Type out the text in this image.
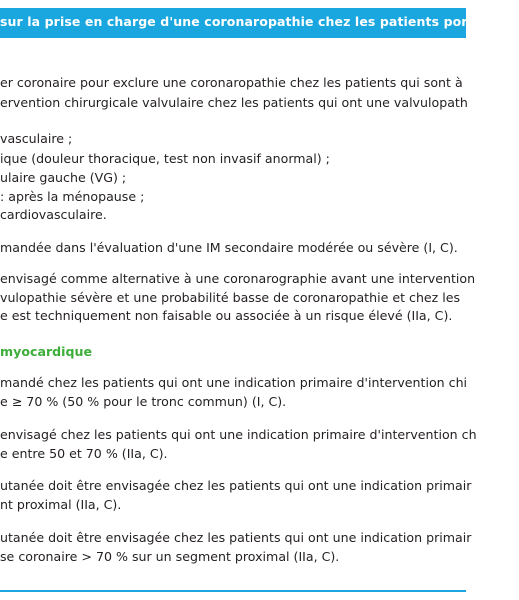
sur la prise en charge d'une coronaropathie chez les patients porteurs d
er coronaire pour exclure une coronaropathie chez les patients qui sont à
ervention chirurgicale valvulaire chez les patients qui ont une valvulopath
vasculaire ;
ique (douleur thoracique, test non invasif anormal) ;
ulaire gauche (VG) ;
: après la ménopause ;
cardiovasculaire.
mandée dans l'évaluation d'une IM secondaire modérée ou sévère (I, C).
envisagé comme alternative à une coronarographie avant une intervention
vulopathie sévère et une probabilité basse de coronaropathie et chez les
e est techniquement non faisable ou associée à un risque élevé (IIa, C).
myocardique
mandé chez les patients qui ont une indication primaire d'intervention chi
e ≥ 70 % (50 % pour le tronc commun) (I, C).
envisagé chez les patients qui ont une indication primaire d'intervention ch
e entre 50 et 70 % (IIa, C).
utanée doit être envisagée chez les patients qui ont une indication primair
nt proximal (IIa, C).
utanée doit être envisagée chez les patients qui ont une indication primair
se coronaire > 70 % sur un segment proximal (IIa, C).
